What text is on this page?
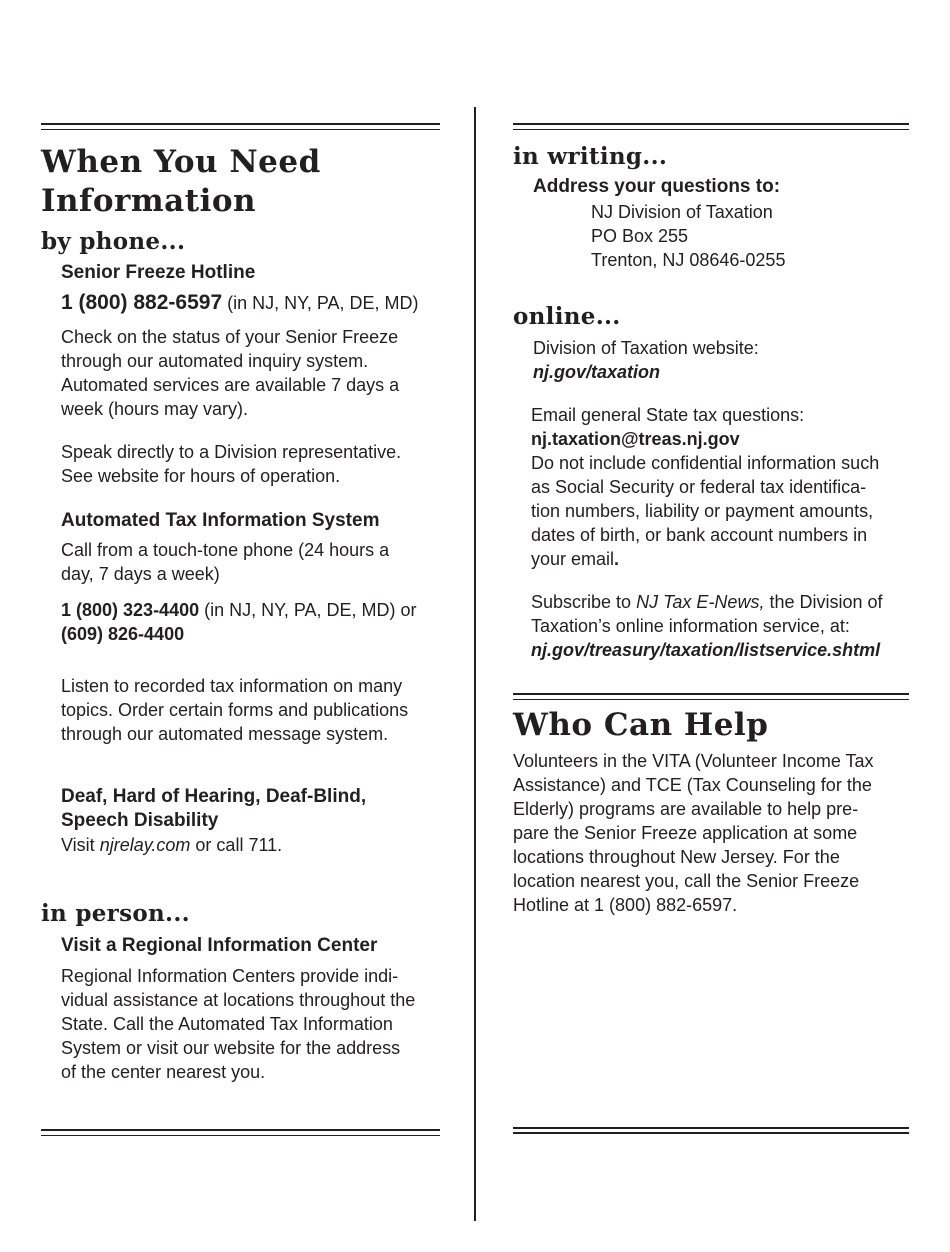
When You Need

Information

by phone...

Senior Freeze Hotline

1 (800) 882-6597 (in NJ, NY, PA, DE, MD)

Check on the status of your Senior Freeze

through our automated inquiry system.

Automated services are available 7 days a

week (hours may vary).

Speak directly to a Division representative.

See website for hours of operation.

Automated Tax Information System

Call from a touch-tone phone (24 hours a

day, 7 days a week)

1 (800) 323-4400 (in NJ, NY, PA, DE, MD) or

(609) 826-4400

Listen to recorded tax information on many

topics. Order certain forms and publications

through our automated message system.

Deaf, Hard of Hearing, Deaf-Blind,

Speech Disability

Visit njrelay.com or call 711.

in person...

Visit a Regional Information Center

Regional Information Centers provide indi-

vidual assistance at locations throughout the

State. Call the Automated Tax Information

System or visit our website for the address

of the center nearest you.

in writing...

Address your questions to:

NJ Division of Taxation

PO Box 255

Trenton, NJ 08646-0255

online...

Division of Taxation website:

nj.gov/taxation

Email general State tax questions:

nj.taxation@treas.nj.gov

Do not include confidential information such

as Social Security or federal tax identifica-

tion numbers, liability or payment amounts,

dates of birth, or bank account numbers in

your email.

Subscribe to NJ Tax E-News, the Division of

Taxation’s online information service, at:

nj.gov/treasury/taxation/listservice.shtml

Who Can Help

Volunteers in the VITA (Volunteer Income Tax

Assistance) and TCE (Tax Counseling for the

Elderly) programs are available to help pre-

pare the Senior Freeze application at some

locations throughout New Jersey. For the

location nearest you, call the Senior Freeze

Hotline at 1 (800) 882-6597.
